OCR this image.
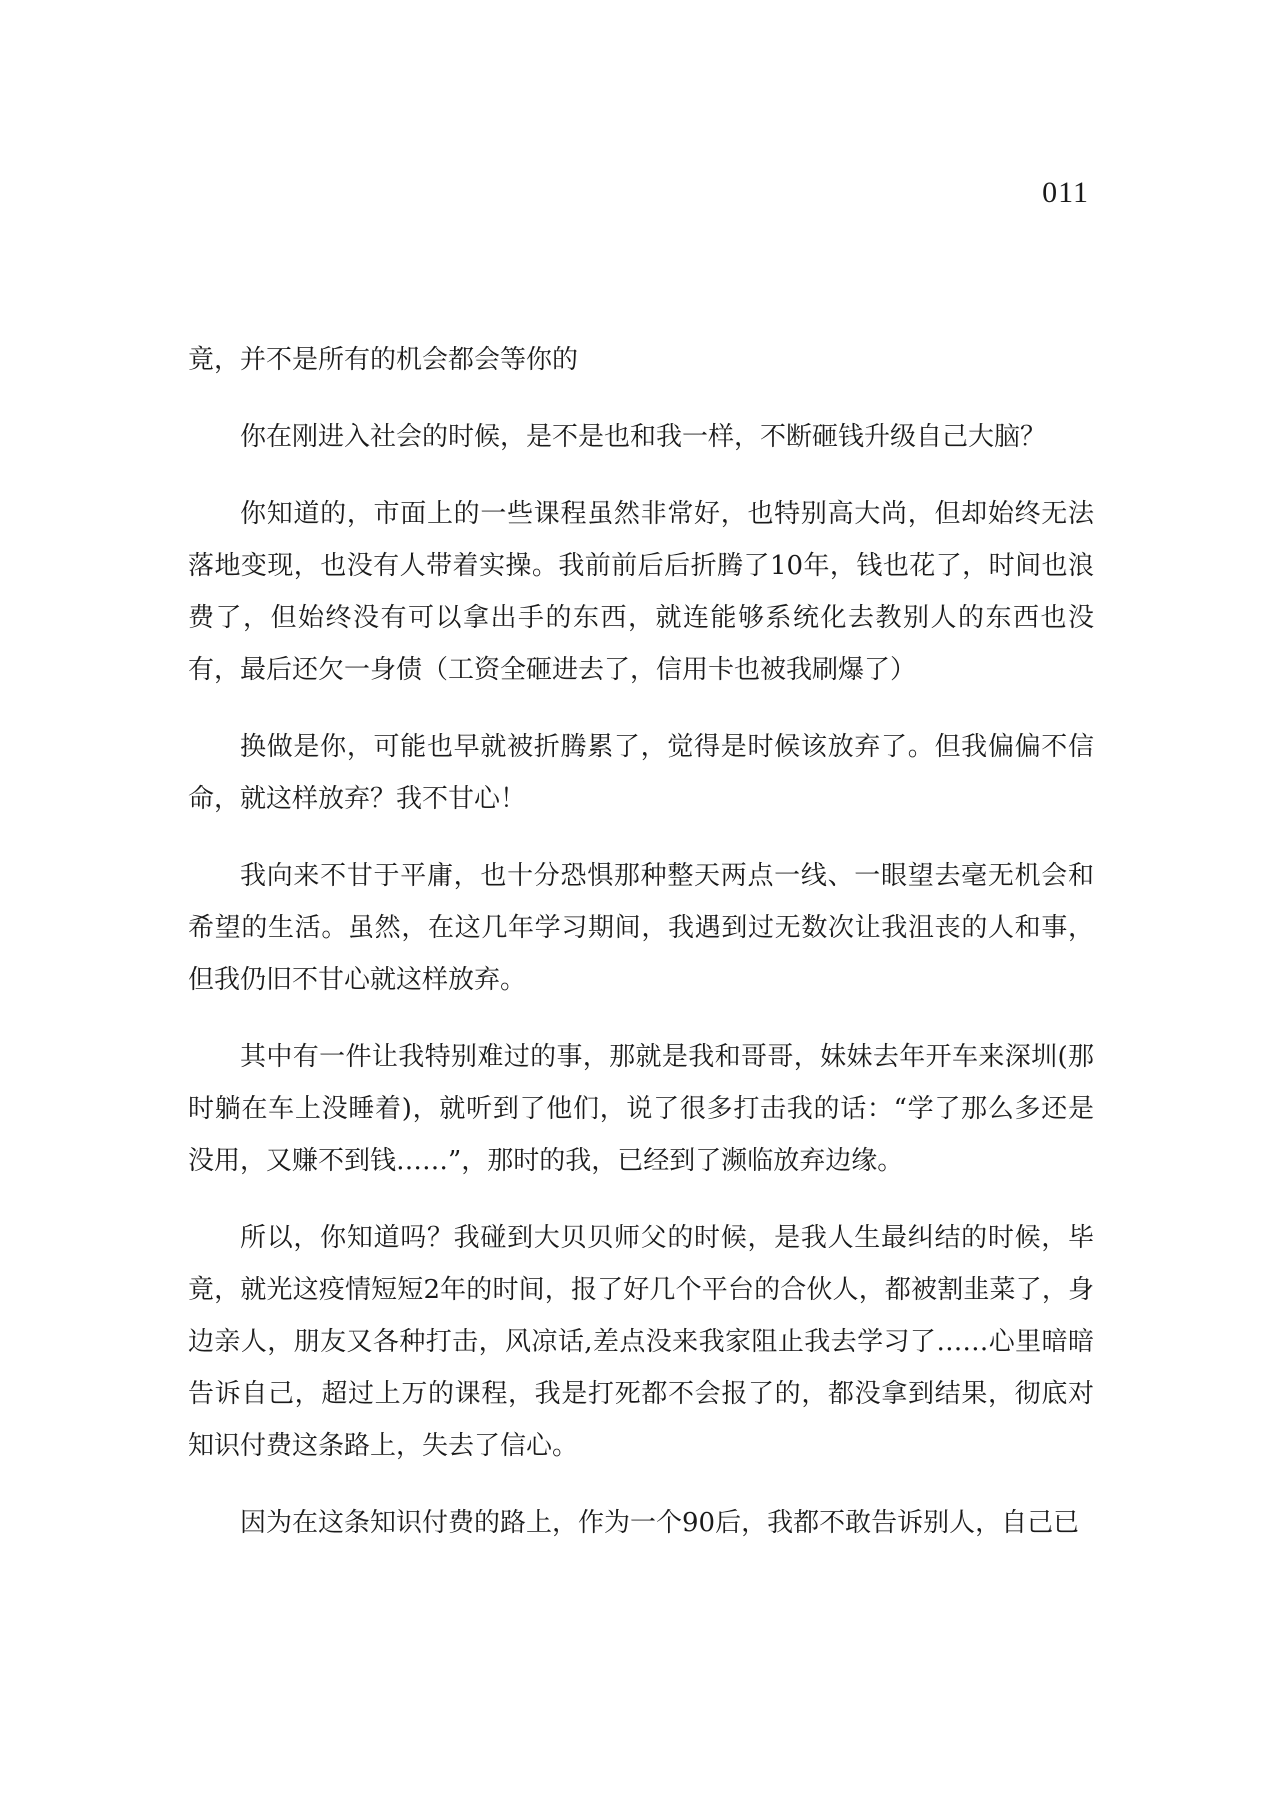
011

竟，并不是所有的机会都会等你的

你在刚进入社会的时候，是不是也和我一样，不断砸钱升级自己大脑？

你知道的，市面上的一些课程虽然非常好，也特别高大尚，但却始终无法落地变现，也没有人带着实操。我前前后后折腾了10年，钱也花了，时间也浪费了，但始终没有可以拿出手的东西，就连能够系统化去教别人的东西也没有，最后还欠一身债（工资全砸进去了，信用卡也被我刷爆了）

换做是你，可能也早就被折腾累了，觉得是时候该放弃了。但我偏偏不信命，就这样放弃？我不甘心！

我向来不甘于平庸，也十分恐惧那种整天两点一线、一眼望去毫无机会和希望的生活。虽然，在这几年学习期间，我遇到过无数次让我沮丧的人和事，但我仍旧不甘心就这样放弃。

其中有一件让我特别难过的事，那就是我和哥哥，妹妹去年开车来深圳(那时躺在车上没睡着)，就听到了他们，说了很多打击我的话：“学了那么多还是没用，又赚不到钱……”，那时的我，已经到了濒临放弃边缘。

所以，你知道吗？我碰到大贝贝师父的时候，是我人生最纠结的时候，毕竟，就光这疫情短短2年的时间，报了好几个平台的合伙人，都被割韭菜了，身边亲人，朋友又各种打击，风凉话,差点没来我家阻止我去学习了……心里暗暗告诉自己，超过上万的课程，我是打死都不会报了的，都没拿到结果，彻底对知识付费这条路上，失去了信心。

因为在这条知识付费的路上，作为一个90后，我都不敢告诉别人，自己已
